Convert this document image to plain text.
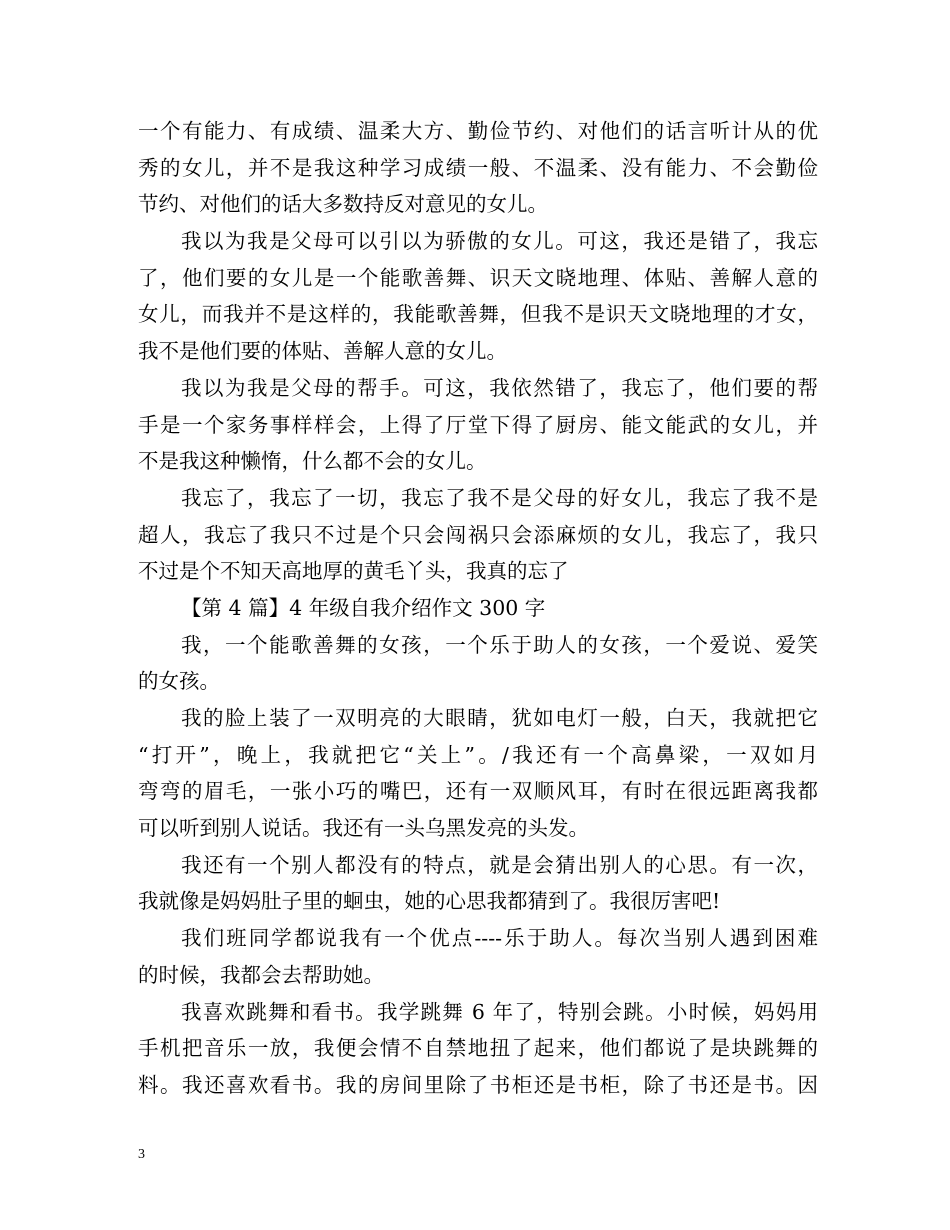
一个有能力、有成绩、温柔大方、勤俭节约、对他们的话言听计从的优
秀的女儿，并不是我这种学习成绩一般、不温柔、没有能力、不会勤俭
节约、对他们的话大多数持反对意见的女儿。
我以为我是父母可以引以为骄傲的女儿。可这，我还是错了，我忘
了，他们要的女儿是一个能歌善舞、识天文晓地理、体贴、善解人意的
女儿，而我并不是这样的，我能歌善舞，但我不是识天文晓地理的才女，
我不是他们要的体贴、善解人意的女儿。
我以为我是父母的帮手。可这，我依然错了，我忘了，他们要的帮
手是一个家务事样样会，上得了厅堂下得了厨房、能文能武的女儿，并
不是我这种懒惰，什么都不会的女儿。
我忘了，我忘了一切，我忘了我不是父母的好女儿，我忘了我不是
超人，我忘了我只不过是个只会闯祸只会添麻烦的女儿，我忘了，我只
不过是个不知天高地厚的黄毛丫头，我真的忘了
【第 4 篇】4 年级自我介绍作文 300 字
我，一个能歌善舞的女孩，一个乐于助人的女孩，一个爱说、爱笑
的女孩。
我的脸上装了一双明亮的大眼睛，犹如电灯一般，白天，我就把它
“打开”，晚上，我就把它“关上”。/我还有一个高鼻梁，一双如月
弯弯的眉毛，一张小巧的嘴巴，还有一双顺风耳，有时在很远距离我都
可以听到别人说话。我还有一头乌黑发亮的头发。
我还有一个别人都没有的特点，就是会猜出别人的心思。有一次，
我就像是妈妈肚子里的蛔虫，她的心思我都猜到了。我很厉害吧!
我们班同学都说我有一个优点----乐于助人。每次当别人遇到困难
的时候，我都会去帮助她。
我喜欢跳舞和看书。我学跳舞 6 年了，特别会跳。小时候，妈妈用
手机把音乐一放，我便会情不自禁地扭了起来，他们都说了是块跳舞的
料。我还喜欢看书。我的房间里除了书柜还是书柜，除了书还是书。因
3
